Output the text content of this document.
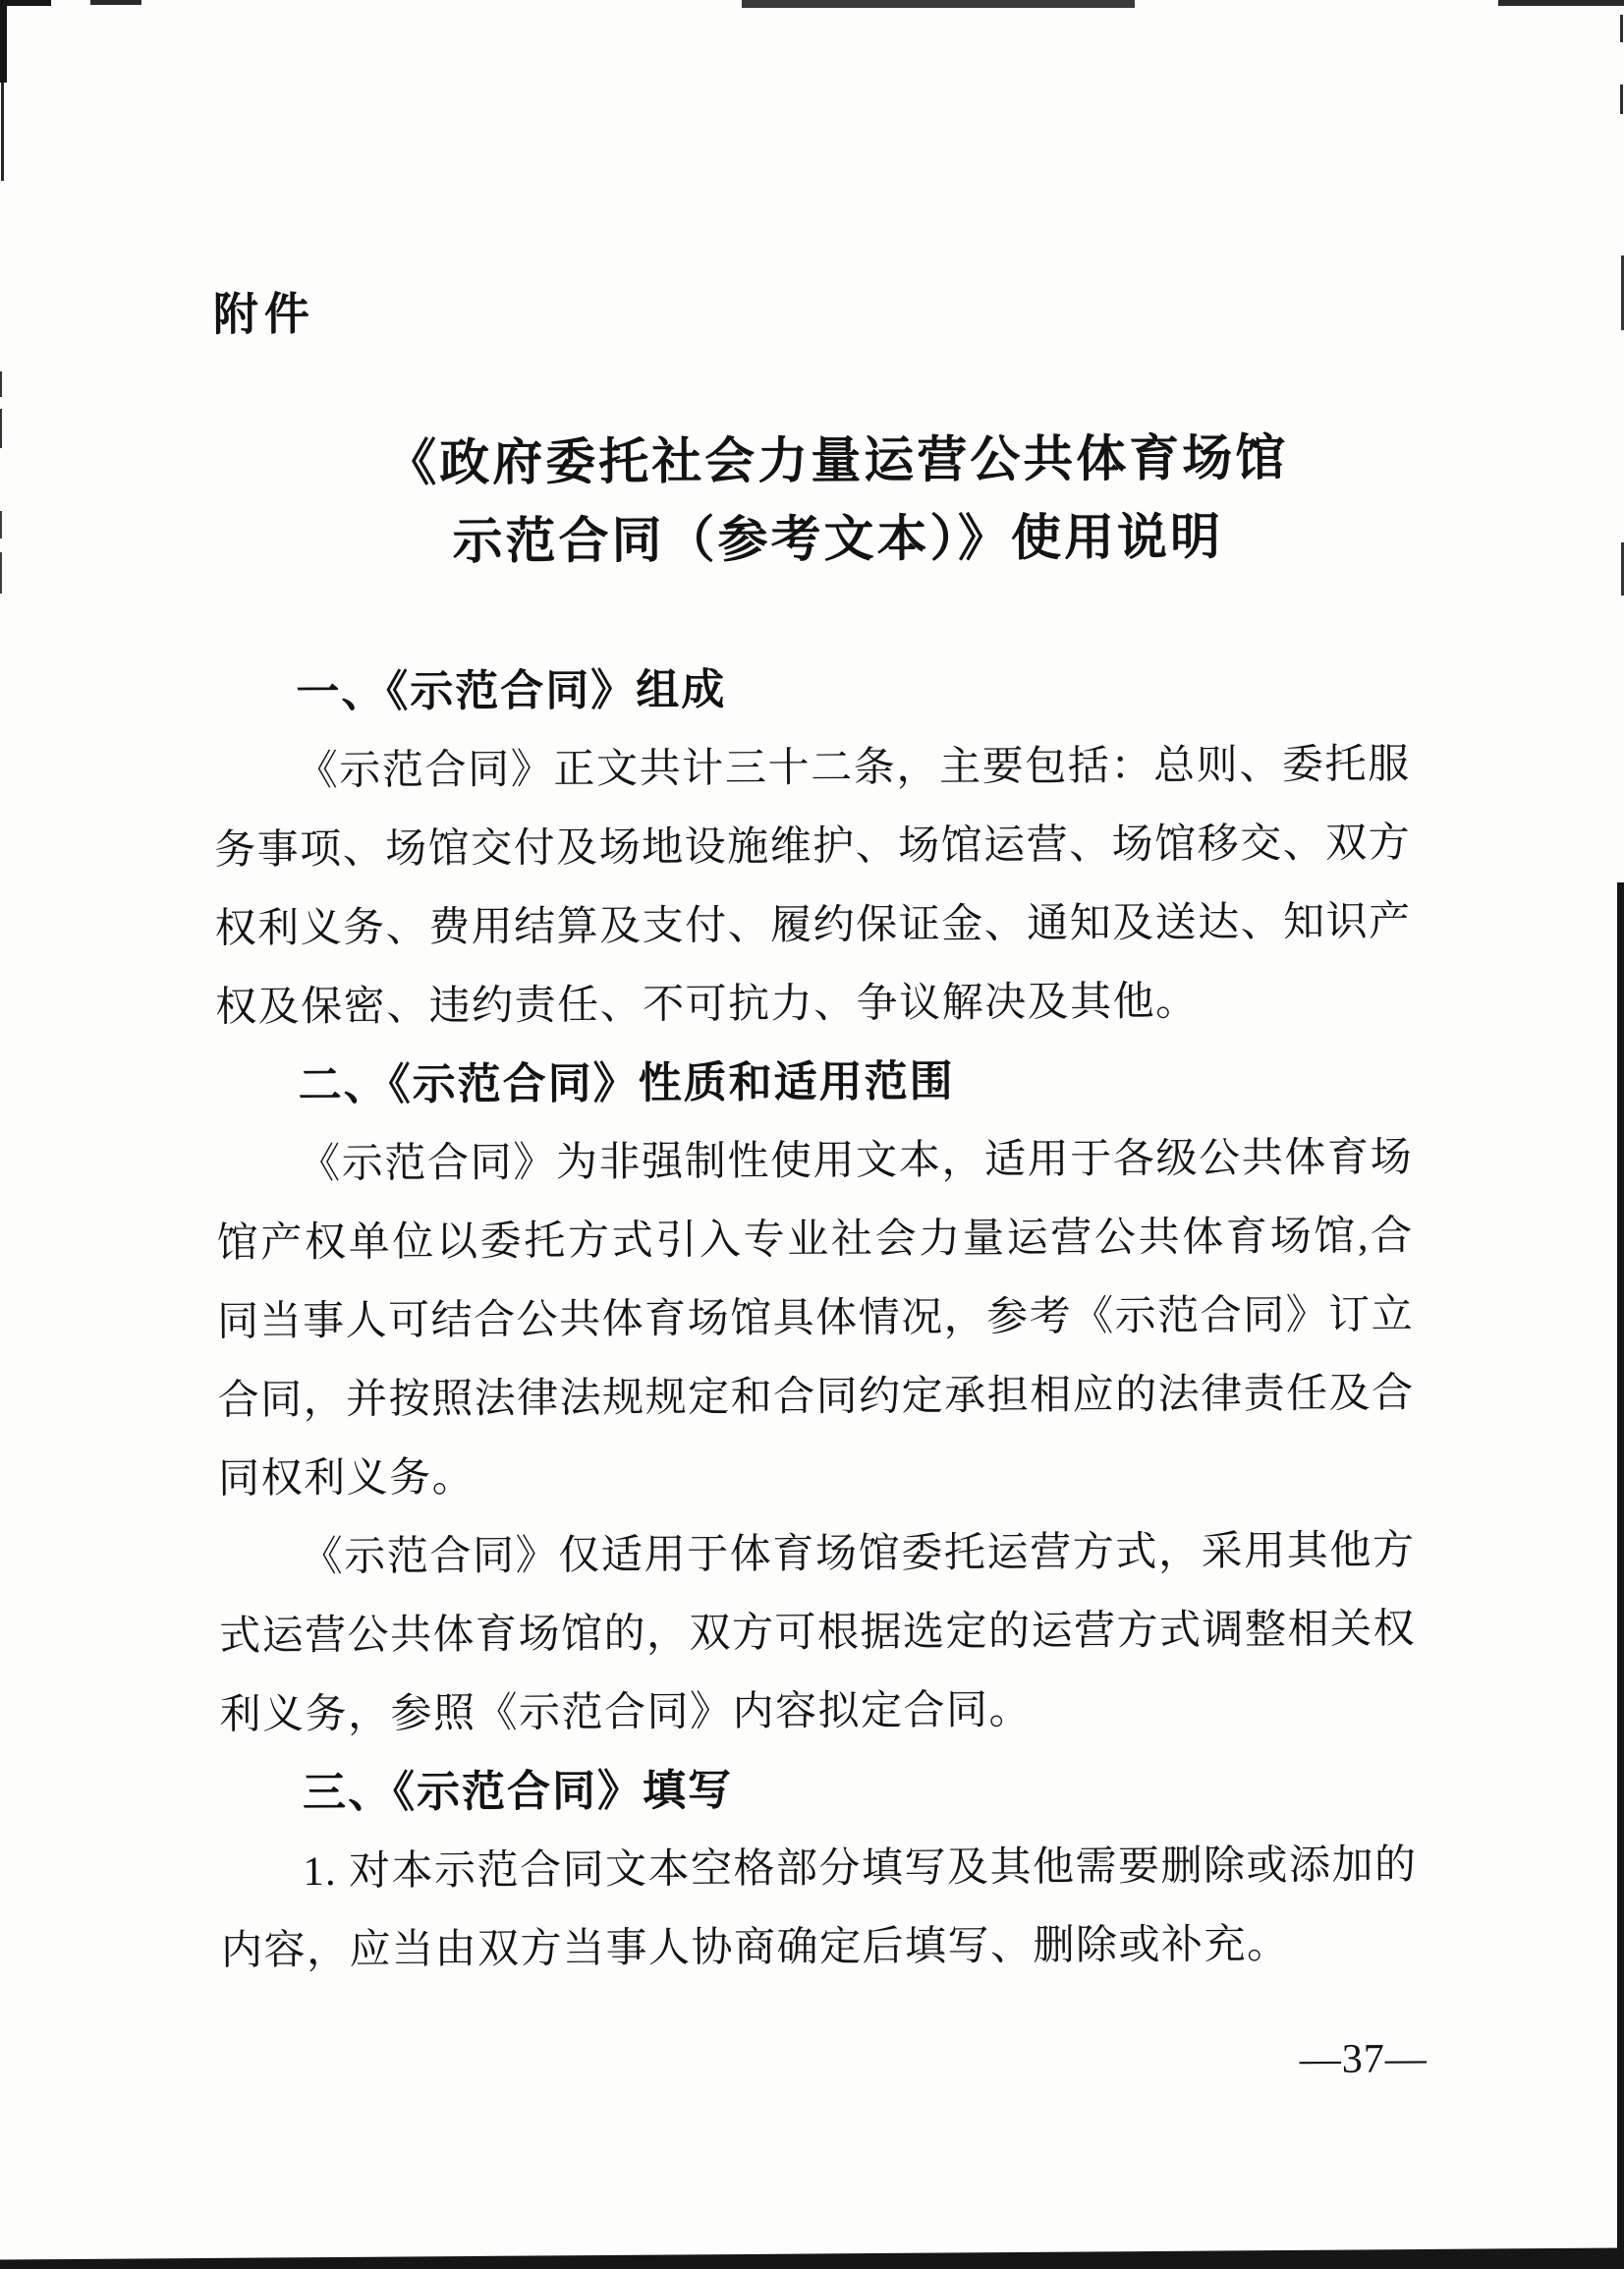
附件
《政府委托社会力量运营公共体育场馆
示范合同（参考文本）》使用说明
一、《示范合同》组成

《示范合同》正文共计三十二条，主要包括：总则、委托服务事项、场馆交付及场地设施维护、场馆运营、场馆移交、双方权利义务、费用结算及支付、履约保证金、通知及送达、知识产权及保密、违约责任、不可抗力、争议解决及其他。

二、《示范合同》性质和适用范围

《示范合同》为非强制性使用文本，适用于各级公共体育场馆产权单位以委托方式引入专业社会力量运营公共体育场馆,合同当事人可结合公共体育场馆具体情况，参考《示范合同》订立合同，并按照法律法规规定和合同约定承担相应的法律责任及合同权利义务。

《示范合同》仅适用于体育场馆委托运营方式，采用其他方式运营公共体育场馆的，双方可根据选定的运营方式调整相关权利义务，参照《示范合同》内容拟定合同。

三、《示范合同》填写

1. 对本示范合同文本空格部分填写及其他需要删除或添加的内容，应当由双方当事人协商确定后填写、删除或补充。

—37—
